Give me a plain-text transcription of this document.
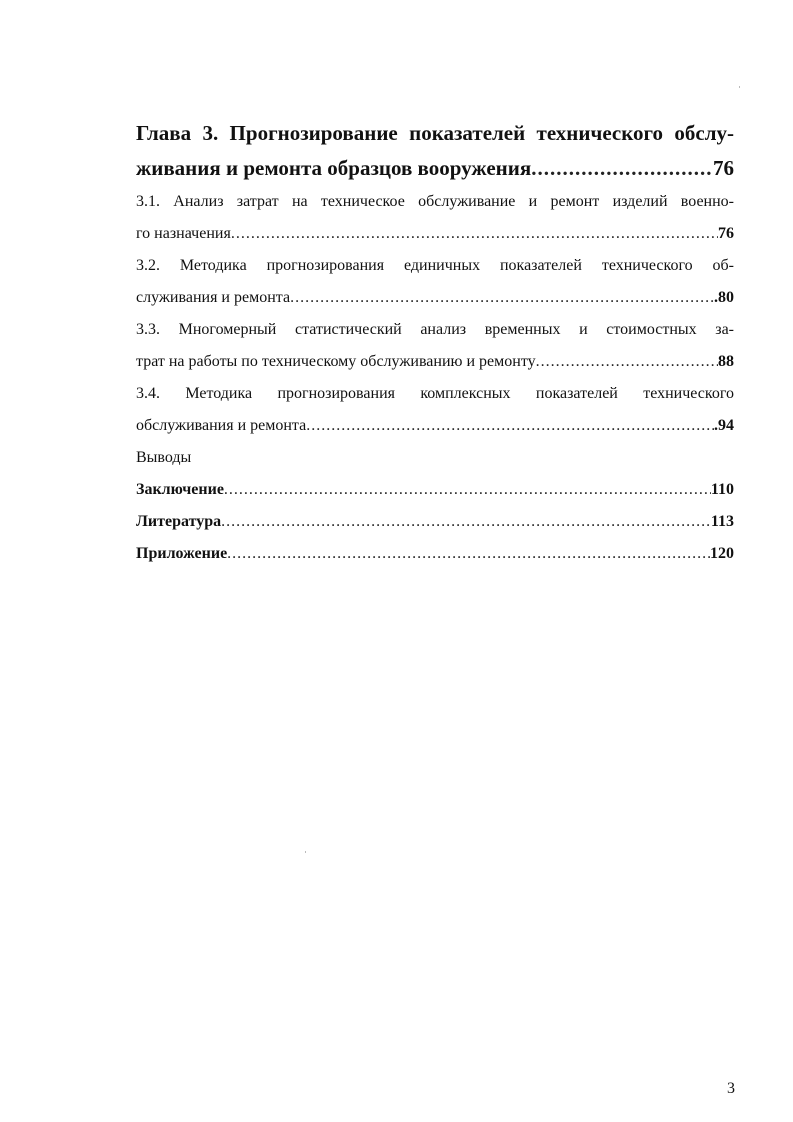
Глава 3. Прогнозирование показателей технического обслу-
живания и ремонта образцов вооружения .....	76
3.1. Анализ затрат на техническое обслуживание и ремонт изделий военно-
го назначения .....	76
3.2. Методика прогнозирования единичных показателей технического об-
служивания и ремонта .....	.80
3.3. Многомерный статистический анализ временных и стоимостных за-
трат на работы по техническому обслуживанию и ремонту .....	88
3.4. Методика прогнозирования комплексных показателей технического
обслуживания и ремонта .....	.94
Выводы
Заключение .....	110
Литература .....	113
Приложение .....	120
3
